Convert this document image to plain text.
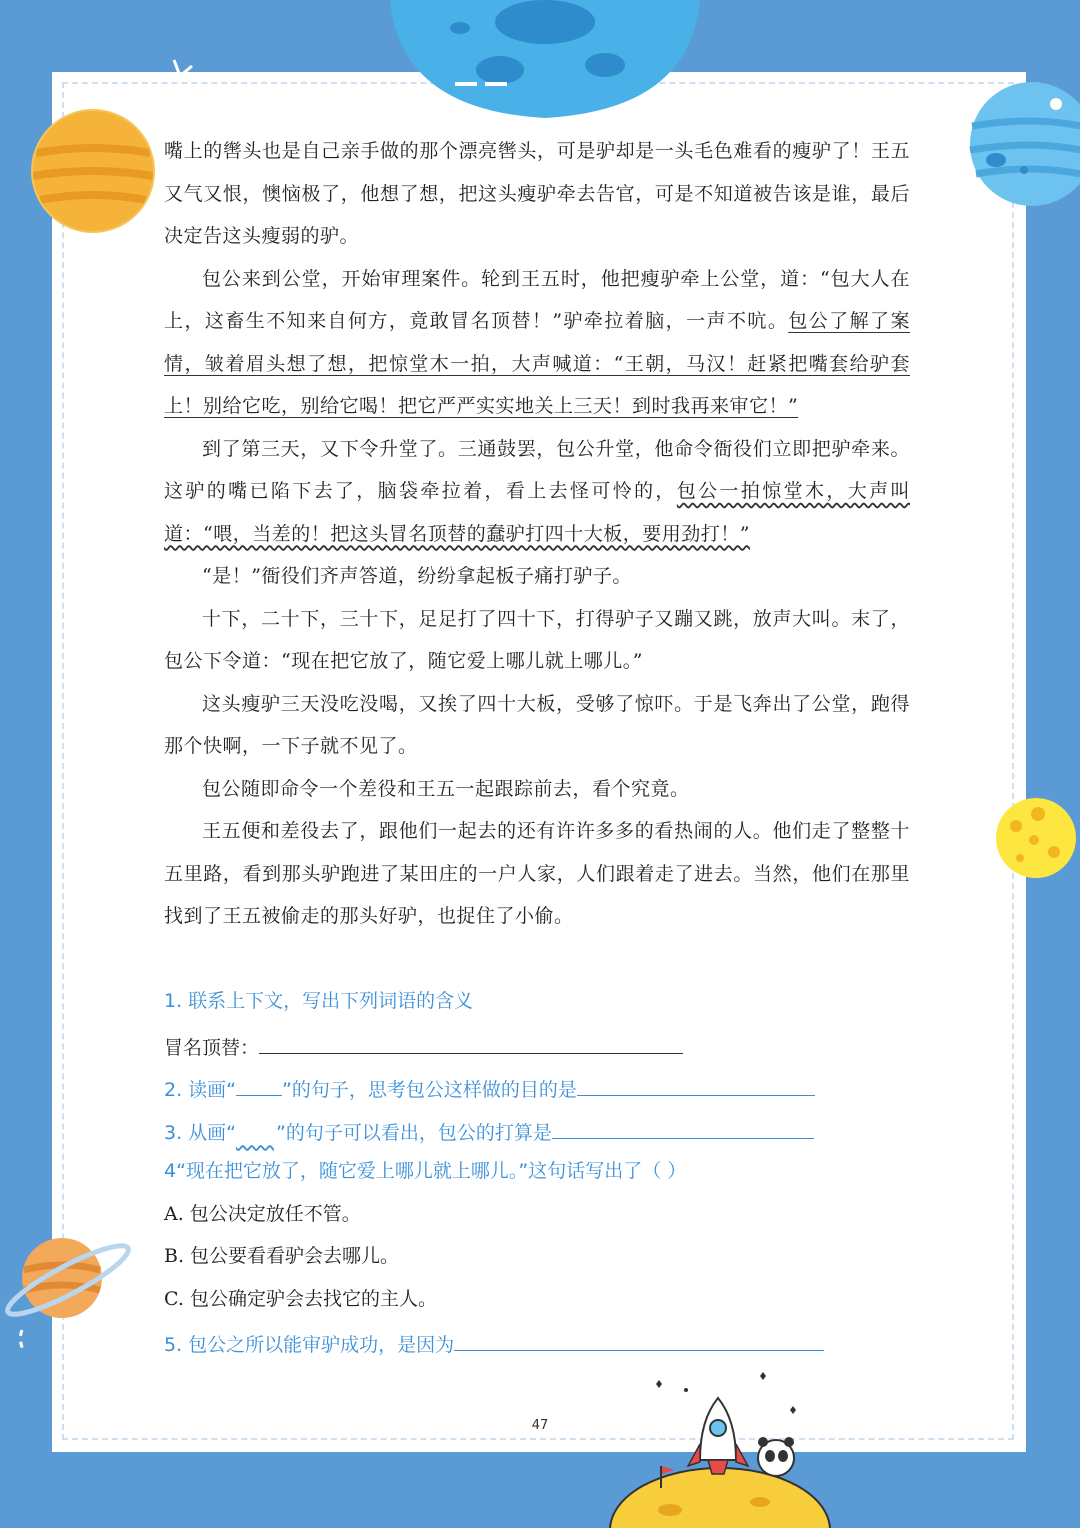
嘴上的辔头也是自己亲手做的那个漂亮辔头，可是驴却是一头毛色难看的瘦驴了！王五又气又恨，懊恼极了，他想了想，把这头瘦驴牵去告官，可是不知道被告该是谁，最后决定告这头瘦弱的驴。

包公来到公堂，开始审理案件。轮到王五时，他把瘦驴牵上公堂，道：“包大人在上，这畜生不知来自何方，竟敢冒名顶替！”驴牵拉着脑，一声不吭。包公了解了案情，皱着眉头想了想，把惊堂木一拍，大声喊道：“王朝，马汉！赶紧把嘴套给驴套上！别给它吃，别给它喝！把它严严实实地关上三天！到时我再来审它！”

到了第三天，又下令升堂了。三通鼓罢，包公升堂，他命令衙役们立即把驴牵来。这驴的嘴已陷下去了，脑袋牵拉着，看上去怪可怜的，包公一拍惊堂木，大声叫道：“喂，当差的！把这头冒名顶替的蠢驴打四十大板，要用劲打！”

“是！”衙役们齐声答道，纷纷拿起板子痛打驴子。

十下，二十下，三十下，足足打了四十下，打得驴子又蹦又跳，放声大叫。末了，包公下令道：“现在把它放了，随它爱上哪儿就上哪儿。”

这头瘦驴三天没吃没喝，又挨了四十大板，受够了惊吓。于是飞奔出了公堂，跑得那个快啊，一下子就不见了。

包公随即命令一个差役和王五一起跟踪前去，看个究竟。

王五便和差役去了，跟他们一起去的还有许许多多的看热闹的人。他们走了整整十五里路，看到那头驴跑进了某田庄的一户人家，人们跟着走了进去。当然，他们在那里找到了王五被偷走的那头好驴，也捉住了小偷。

1. 联系上下文，写出下列词语的含义
冒名顶替：
2. 读画“ ”的句子，思考包公这样做的目的是
3. 从画“   ”的句子可以看出，包公的打算是
4“现在把它放了，随它爱上哪儿就上哪儿。”这句话写出了（ ）
A. 包公决定放任不管。
B. 包公要看看驴会去哪儿。
C. 包公确定驴会去找它的主人。
5. 包公之所以能审驴成功，是因为
47
